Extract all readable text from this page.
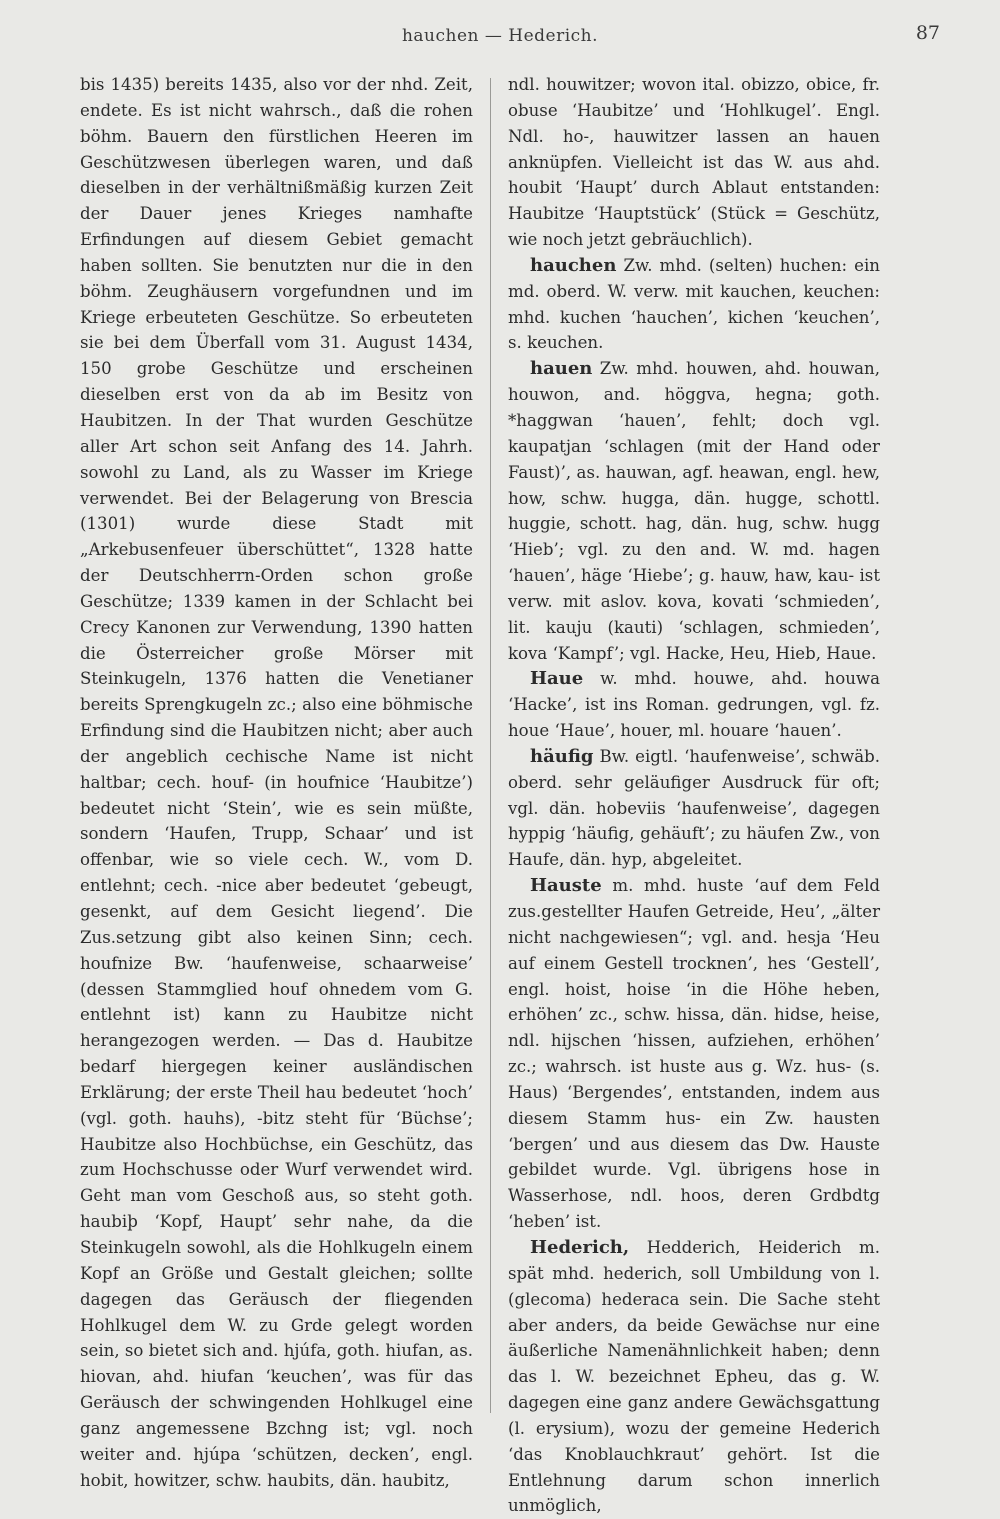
hauchen — Hederich.	87

bis 1435) bereits 1435, also vor der nhd. Zeit, endete. Es ist nicht wahrsch., daß die rohen böhm. Bauern den fürstlichen Heeren im Geschützwesen überlegen waren, und daß dieselben in der verhältnißmäßig kurzen Zeit der Dauer jenes Krieges namhafte Erfindungen auf diesem Gebiet gemacht haben sollten. Sie benutzten nur die in den böhm. Zeughäusern vorgefundnen und im Kriege erbeuteten Geschütze. So erbeuteten sie bei dem Überfall vom 31. August 1434, 150 grobe Geschütze und erscheinen dieselben erst von da ab im Besitz von Haubitzen. In der That wurden Geschütze aller Art schon seit Anfang des 14. Jahrh. sowohl zu Land, als zu Wasser im Kriege verwendet. Bei der Belagerung von Brescia (1301) wurde diese Stadt mit „Arkebusenfeuer überschüttet“, 1328 hatte der Deutschherrn-Orden schon große Geschütze; 1339 kamen in der Schlacht bei Crecy Kanonen zur Verwendung, 1390 hatten die Österreicher große Mörser mit Steinkugeln, 1376 hatten die Venetianer bereits Sprengkugeln zc.; also eine böhmische Erfindung sind die Haubitzen nicht; aber auch der angeblich cechische Name ist nicht haltbar; cech. houf- (in houfnice ‘Haubitze’) bedeutet nicht ‘Stein’, wie es sein müßte, sondern ‘Haufen, Trupp, Schaar’ und ist offenbar, wie so viele cech. W., vom D. entlehnt; cech. -nice aber bedeutet ‘gebeugt, gesenkt, auf dem Gesicht liegend’. Die Zus.setzung gibt also keinen Sinn; cech. houfnize Bw. ‘haufenweise, schaarweise’ (dessen Stammglied houf ohnedem vom G. entlehnt ist) kann zu Haubitze nicht herangezogen werden. — Das d. Haubitze bedarf hiergegen keiner ausländischen Erklärung; der erste Theil hau bedeutet ‘hoch’ (vgl. goth. hauhs), -bitz steht für ‘Büchse’; Haubitze also Hochbüchse, ein Geschütz, das zum Hochschusse oder Wurf verwendet wird. Geht man vom Geschoß aus, so steht goth. haubiþ ‘Kopf, Haupt’ sehr nahe, da die Steinkugeln sowohl, als die Hohlkugeln einem Kopf an Größe und Gestalt gleichen; sollte dagegen das Geräusch der fliegenden Hohlkugel dem W. zu Grde gelegt worden sein, so bietet sich and. hjúfa, goth. hiufan, as. hiovan, ahd. hiufan ‘keuchen’, was für das Geräusch der schwingenden Hohlkugel eine ganz angemessene Bzchng ist; vgl. noch weiter and. hjúpa ‘schützen, decken’, engl. hobit, howitzer, schw. haubits, dän. haubitz,

ndl. houwitzer; wovon ital. obizzo, obice, fr. obuse ‘Haubitze’ und ‘Hohlkugel’. Engl. Ndl. ho-, hauwitzer lassen an hauen anknüpfen. Vielleicht ist das W. aus ahd. houbit ‘Haupt’ durch Ablaut entstanden: Haubitze ‘Hauptstück’ (Stück = Geschütz, wie noch jetzt gebräuchlich).

hauchen Zw. mhd. (selten) huchen: ein md. oberd. W. verw. mit kauchen, keuchen: mhd. kuchen ‘hauchen’, kichen ‘keuchen’, s. keuchen.

hauen Zw. mhd. houwen, ahd. houwan, houwon, and. höggva, hegna; goth. *haggwan ‘hauen’, fehlt; doch vgl. kaupatjan ‘schlagen (mit der Hand oder Faust)’, as. hauwan, agf. heawan, engl. hew, how, schw. hugga, dän. hugge, schottl. huggie, schott. hag, dän. hug, schw. hugg ‘Hieb’; vgl. zu den and. W. md. hagen ‘hauen’, häge ‘Hiebe’; g. hauw, haw, kau- ist verw. mit aslov. kova, kovati ‘schmieden’, lit. kauju (kauti) ‘schlagen, schmieden’, kova ‘Kampf’; vgl. Hacke, Heu, Hieb, Haue.

Haue w. mhd. houwe, ahd. houwa ‘Hacke’, ist ins Roman. gedrungen, vgl. fz. houe ‘Haue’, houer, ml. houare ‘hauen’.

häufig Bw. eigtl. ‘haufenweise’, schwäb. oberd. sehr geläufiger Ausdruck für oft; vgl. dän. hobeviis ‘haufenweise’, dagegen hyppig ‘häufig, gehäuft’; zu häufen Zw., von Haufe, dän. hyp, abgeleitet.

Hauste m. mhd. huste ‘auf dem Feld zus.gestellter Haufen Getreide, Heu’, „älter nicht nachgewiesen“; vgl. and. hesja ‘Heu auf einem Gestell trocknen’, hes ‘Gestell’, engl. hoist, hoise ‘in die Höhe heben, erhöhen’ zc., schw. hissa, dän. hidse, heise, ndl. hijschen ‘hissen, aufziehen, erhöhen’ zc.; wahrsch. ist huste aus g. Wz. hus- (s. Haus) ‘Bergendes’, entstanden, indem aus diesem Stamm hus- ein Zw. hausten ‘bergen’ und aus diesem das Dw. Hauste gebildet wurde. Vgl. übrigens hose in Wasserhose, ndl. hoos, deren Grdbdtg ‘heben’ ist.

Hederich, Hedderich, Heiderich m. spät mhd. hederich, soll Umbildung von l. (glecoma) hederaca sein. Die Sache steht aber anders, da beide Gewächse nur eine äußerliche Namenähnlichkeit haben; denn das l. W. bezeichnet Epheu, das g. W. dagegen eine ganz andere Gewächsgattung (l. erysium), wozu der gemeine Hederich ‘das Knoblauchkraut’ gehört. Ist die Entlehnung darum schon innerlich unmöglich,
